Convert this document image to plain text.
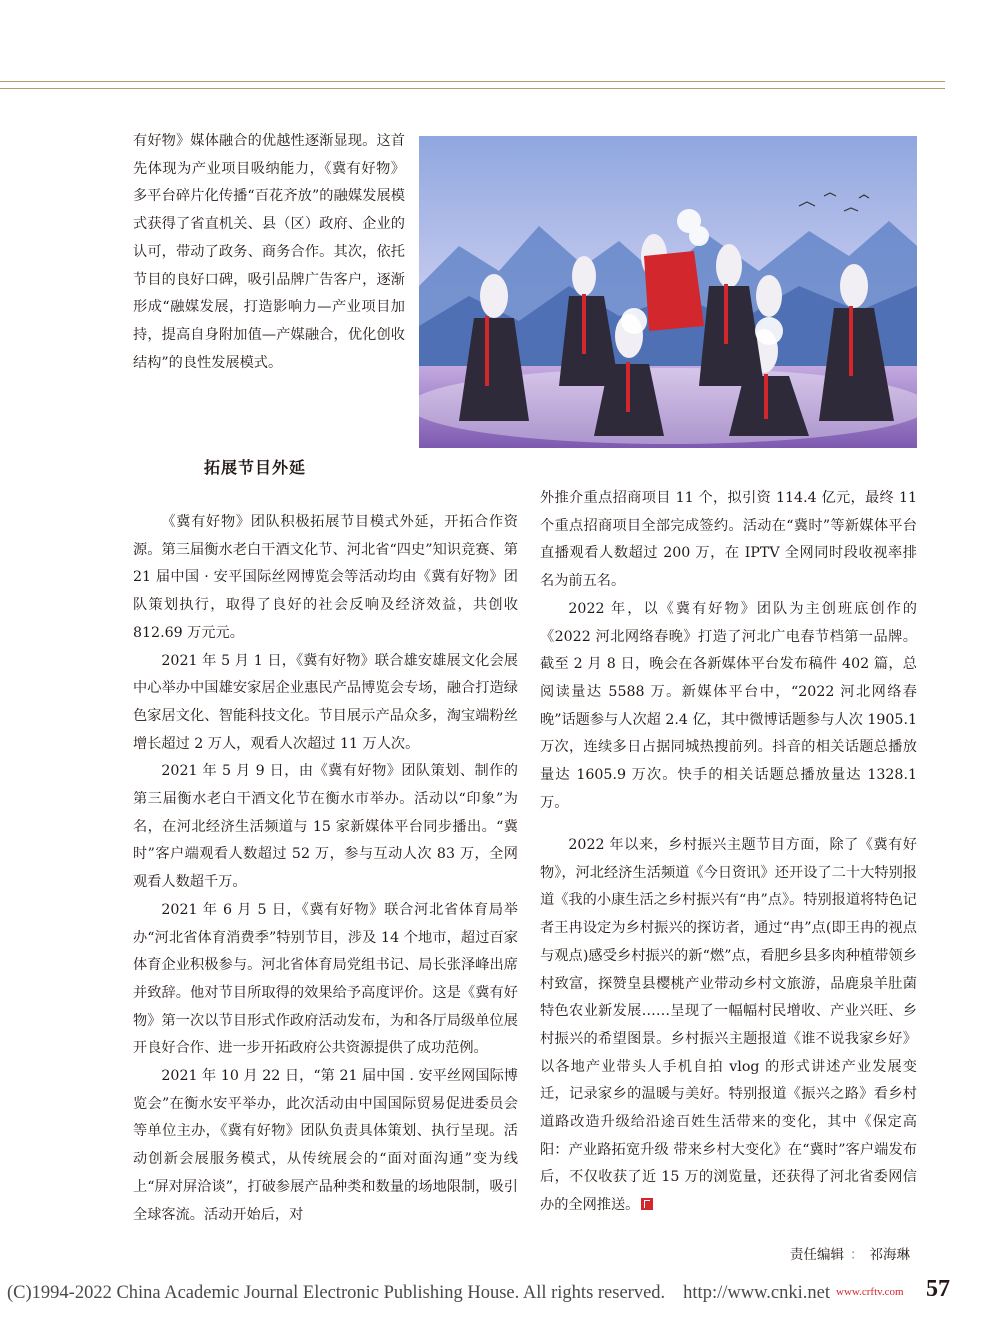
有好物》媒体融合的优越性逐渐显现。这首先体现为产业项目吸纳能力，《冀有好物》多平台碎片化传播“百花齐放”的融媒发展模式获得了省直机关、县（区）政府、企业的认可，带动了政务、商务合作。其次，依托节目的良好口碑，吸引品牌广告客户，逐渐形成“融媒发展，打造影响力—产业项目加持，提高自身附加值—产媒融合，优化创收结构”的良性发展模式。

拓展节目外延

《冀有好物》团队积极拓展节目模式外延，开拓合作资源。第三届衡水老白干酒文化节、河北省“四史”知识竞赛、第 21 届中国 · 安平国际丝网博览会等活动均由《冀有好物》团队策划执行，取得了良好的社会反响及经济效益，共创收 812.69 万元元。

2021 年 5 月 1 日，《冀有好物》联合雄安雄展文化会展中心举办中国雄安家居企业惠民产品博览会专场，融合打造绿色家居文化、智能科技文化。节目展示产品众多，淘宝端粉丝增长超过 2 万人，观看人次超过 11 万人次。

2021 年 5 月 9 日，由《冀有好物》团队策划、制作的第三届衡水老白干酒文化节在衡水市举办。活动以“印象”为名，在河北经济生活频道与 15 家新媒体平台同步播出。“冀时”客户端观看人数超过 52 万，参与互动人次 83 万，全网观看人数超千万。

2021 年 6 月 5 日，《冀有好物》联合河北省体育局举办“河北省体育消费季”特别节目，涉及 14 个地市，超过百家体育企业积极参与。河北省体育局党组书记、局长张泽峰出席并致辞。他对节目所取得的效果给予高度评价。这是《冀有好物》第一次以节目形式作政府活动发布，为和各厅局级单位展开良好合作、进一步开拓政府公共资源提供了成功范例。

2021 年 10 月 22 日，“第 21 届中国 . 安平丝网国际博览会”在衡水安平举办，此次活动由中国国际贸易促进委员会等单位主办，《冀有好物》团队负责具体策划、执行呈现。活动创新会展服务模式，从传统展会的“面对面沟通”变为线上“屏对屏洽谈”，打破参展产品种类和数量的场地限制，吸引全球客流。活动开始后，对

外推介重点招商项目 11 个，拟引资 114.4 亿元，最终 11 个重点招商项目全部完成签约。活动在“冀时”等新媒体平台直播观看人数超过 200 万，在 IPTV 全网同时段收视率排名为前五名。

2022 年，以《冀有好物》团队为主创班底创作的《2022 河北网络春晚》打造了河北广电春节档第一品牌。截至 2 月 8 日，晚会在各新媒体平台发布稿件 402 篇，总阅读量达 5588 万。新媒体平台中，“2022 河北网络春晚”话题参与人次超 2.4 亿，其中微博话题参与人次 1905.1 万次，连续多日占据同城热搜前列。抖音的相关话题总播放量达 1605.9 万次。快手的相关话题总播放量达 1328.1 万。

2022 年以来，乡村振兴主题节目方面，除了《冀有好物》，河北经济生活频道《今日资讯》还开设了二十大特别报道《我的小康生活之乡村振兴有“冉”点》。特别报道将特色记者王冉设定为乡村振兴的探访者，通过“冉”点(即王冉的视点与观点)感受乡村振兴的新“燃”点，看肥乡县多肉种植带领乡村致富，探赞皇县樱桃产业带动乡村文旅游，品鹿泉羊肚菌特色农业新发展……呈现了一幅幅村民增收、产业兴旺、乡村振兴的希望图景。乡村振兴主题报道《谁不说我家乡好》以各地产业带头人手机自拍 vlog 的形式讲述产业发展变迁，记录家乡的温暖与美好。特别报道《振兴之路》看乡村道路改造升级给沿途百姓生活带来的变化，其中《保定高阳：产业路拓宽升级 带来乡村大变化》在“冀时”客户端发布后，不仅收获了近 15 万的浏览量，还获得了河北省委网信办的全网推送。

责任编辑 ： 祁海琳

(C)1994-2022 China Academic Journal Electronic Publishing House. All rights reserved. http://www.cnki.net www.crftv.com 57
